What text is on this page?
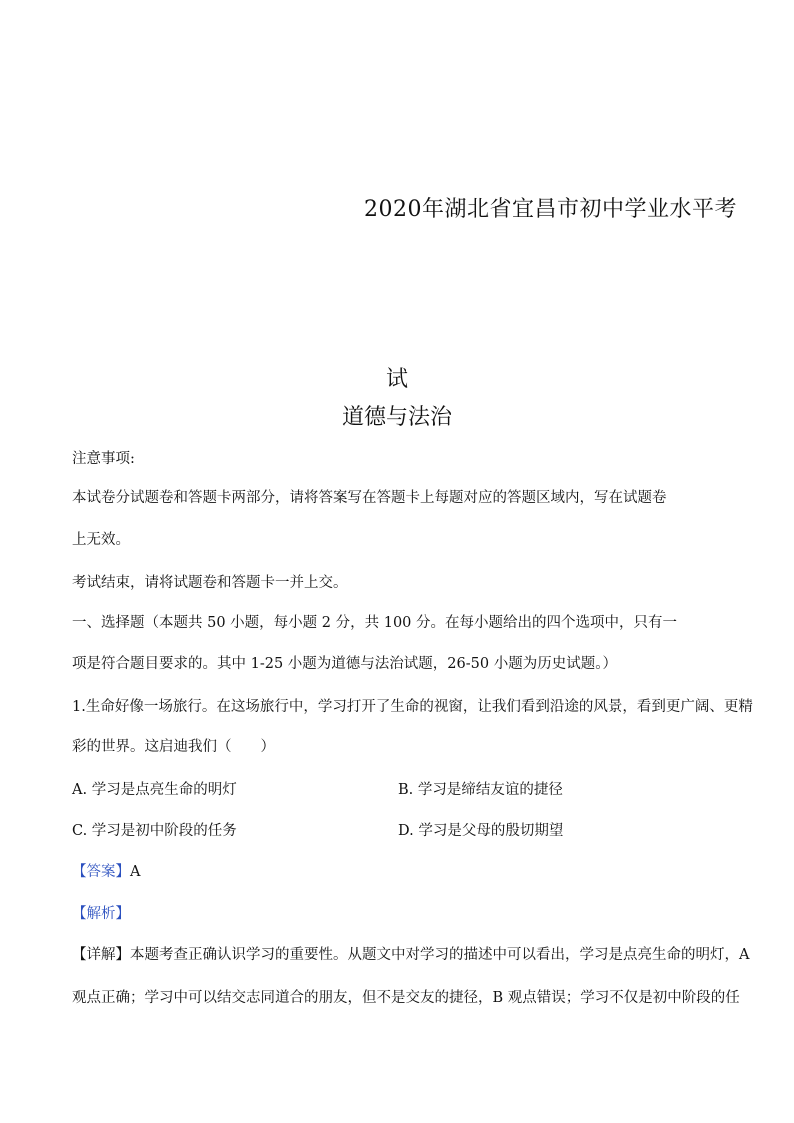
2020年湖北省宜昌市初中学业水平考
试
道德与法治
注意事项:
本试卷分试题卷和答题卡两部分，请将答案写在答题卡上每题对应的答题区域内，写在试题卷
上无效。
考试结束，请将试题卷和答题卡一并上交。
一、选择题（本题共 50 小题，每小题 2 分，共 100 分。在每小题给出的四个选项中，只有一
项是符合题目要求的。其中 1-25 小题为道德与法治试题，26-50 小题为历史试题。）
1.生命好像一场旅行。在这场旅行中，学习打开了生命的视窗，让我们看到沿途的风景，看到更广阔、更精
彩的世界。这启迪我们（　　）
A. 学习是点亮生命的明灯	B. 学习是缔结友谊的捷径
C. 学习是初中阶段的任务	D. 学习是父母的殷切期望
【答案】A
【解析】
【详解】本题考查正确认识学习的重要性。从题文中对学习的描述中可以看出，学习是点亮生命的明灯，A
观点正确；学习中可以结交志同道合的朋友，但不是交友的捷径，B 观点错误；学习不仅是初中阶段的任
